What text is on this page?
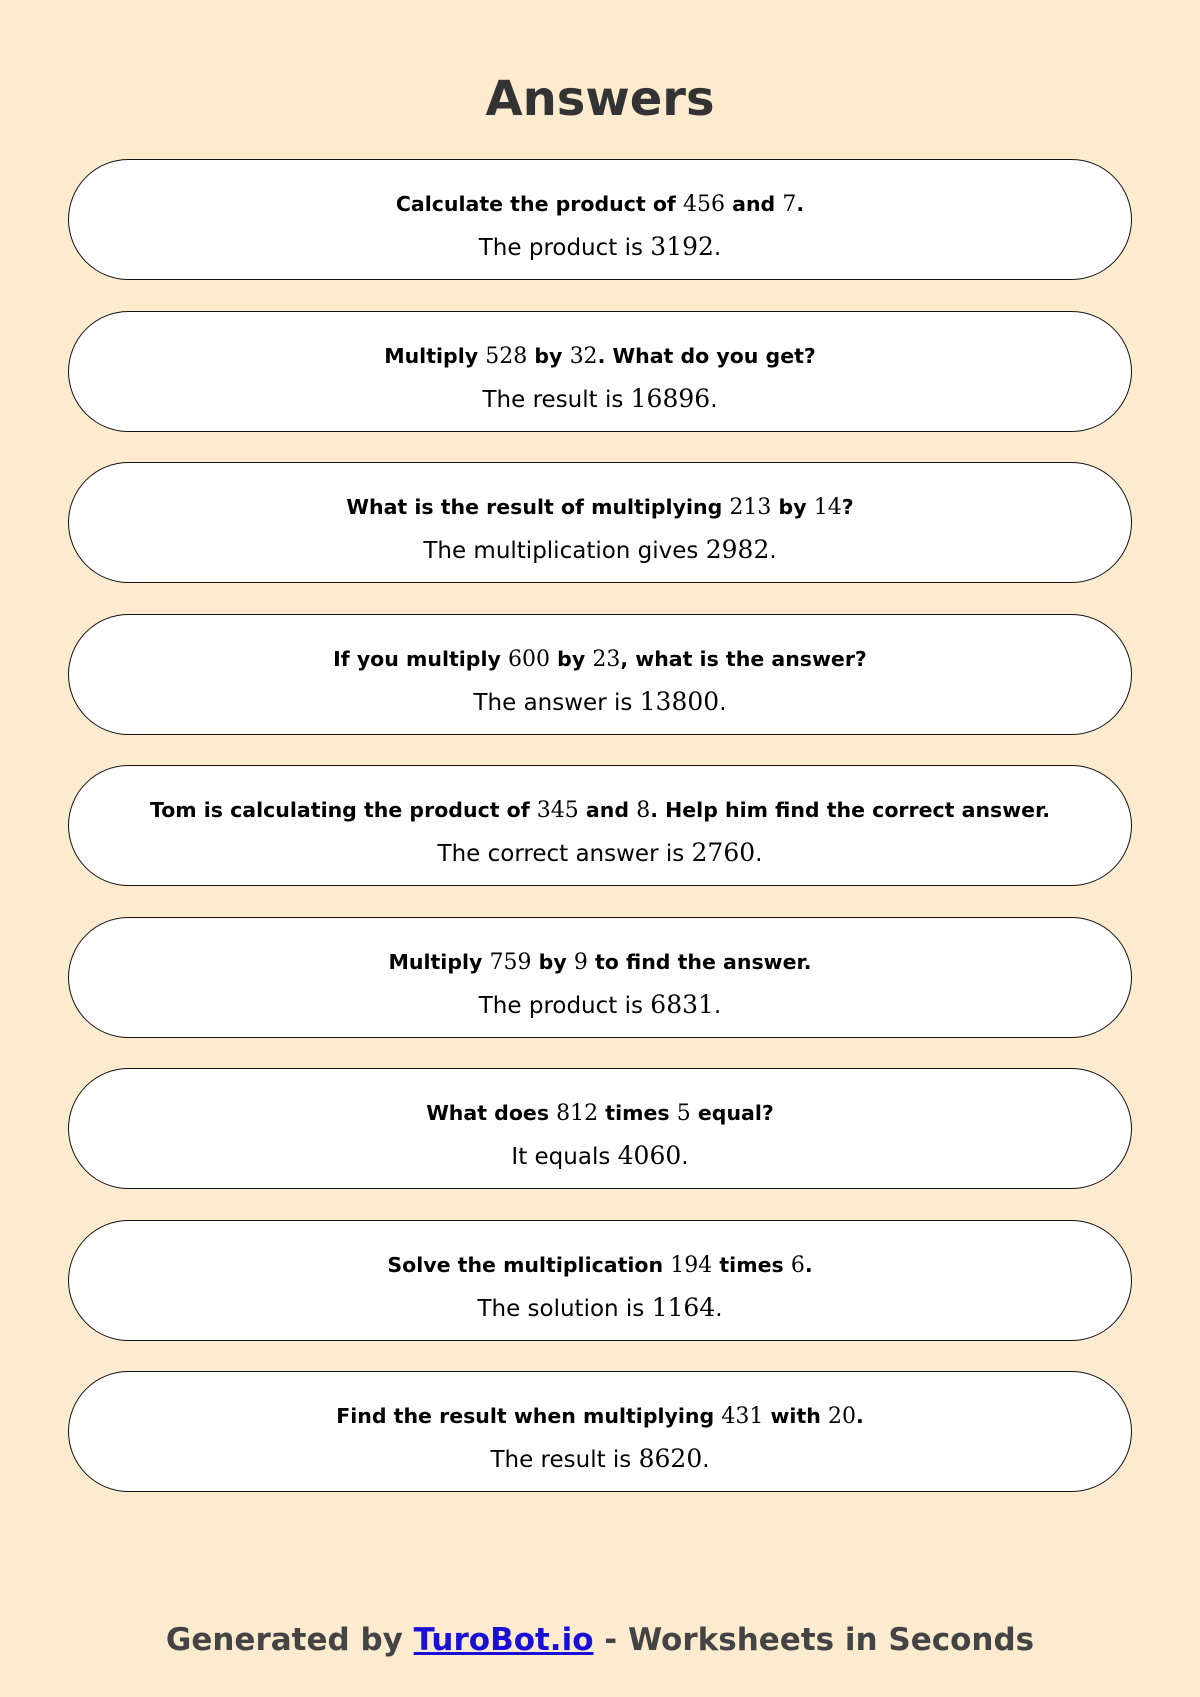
Answers
Calculate the product of 456 and 7.
The product is 3192.
Multiply 528 by 32. What do you get?
The result is 16896.
What is the result of multiplying 213 by 14?
The multiplication gives 2982.
If you multiply 600 by 23, what is the answer?
The answer is 13800.
Tom is calculating the product of 345 and 8. Help him find the correct answer.
The correct answer is 2760.
Multiply 759 by 9 to find the answer.
The product is 6831.
What does 812 times 5 equal?
It equals 4060.
Solve the multiplication 194 times 6.
The solution is 1164.
Find the result when multiplying 431 with 20.
The result is 8620.
Generated by TuroBot.io - Worksheets in Seconds
